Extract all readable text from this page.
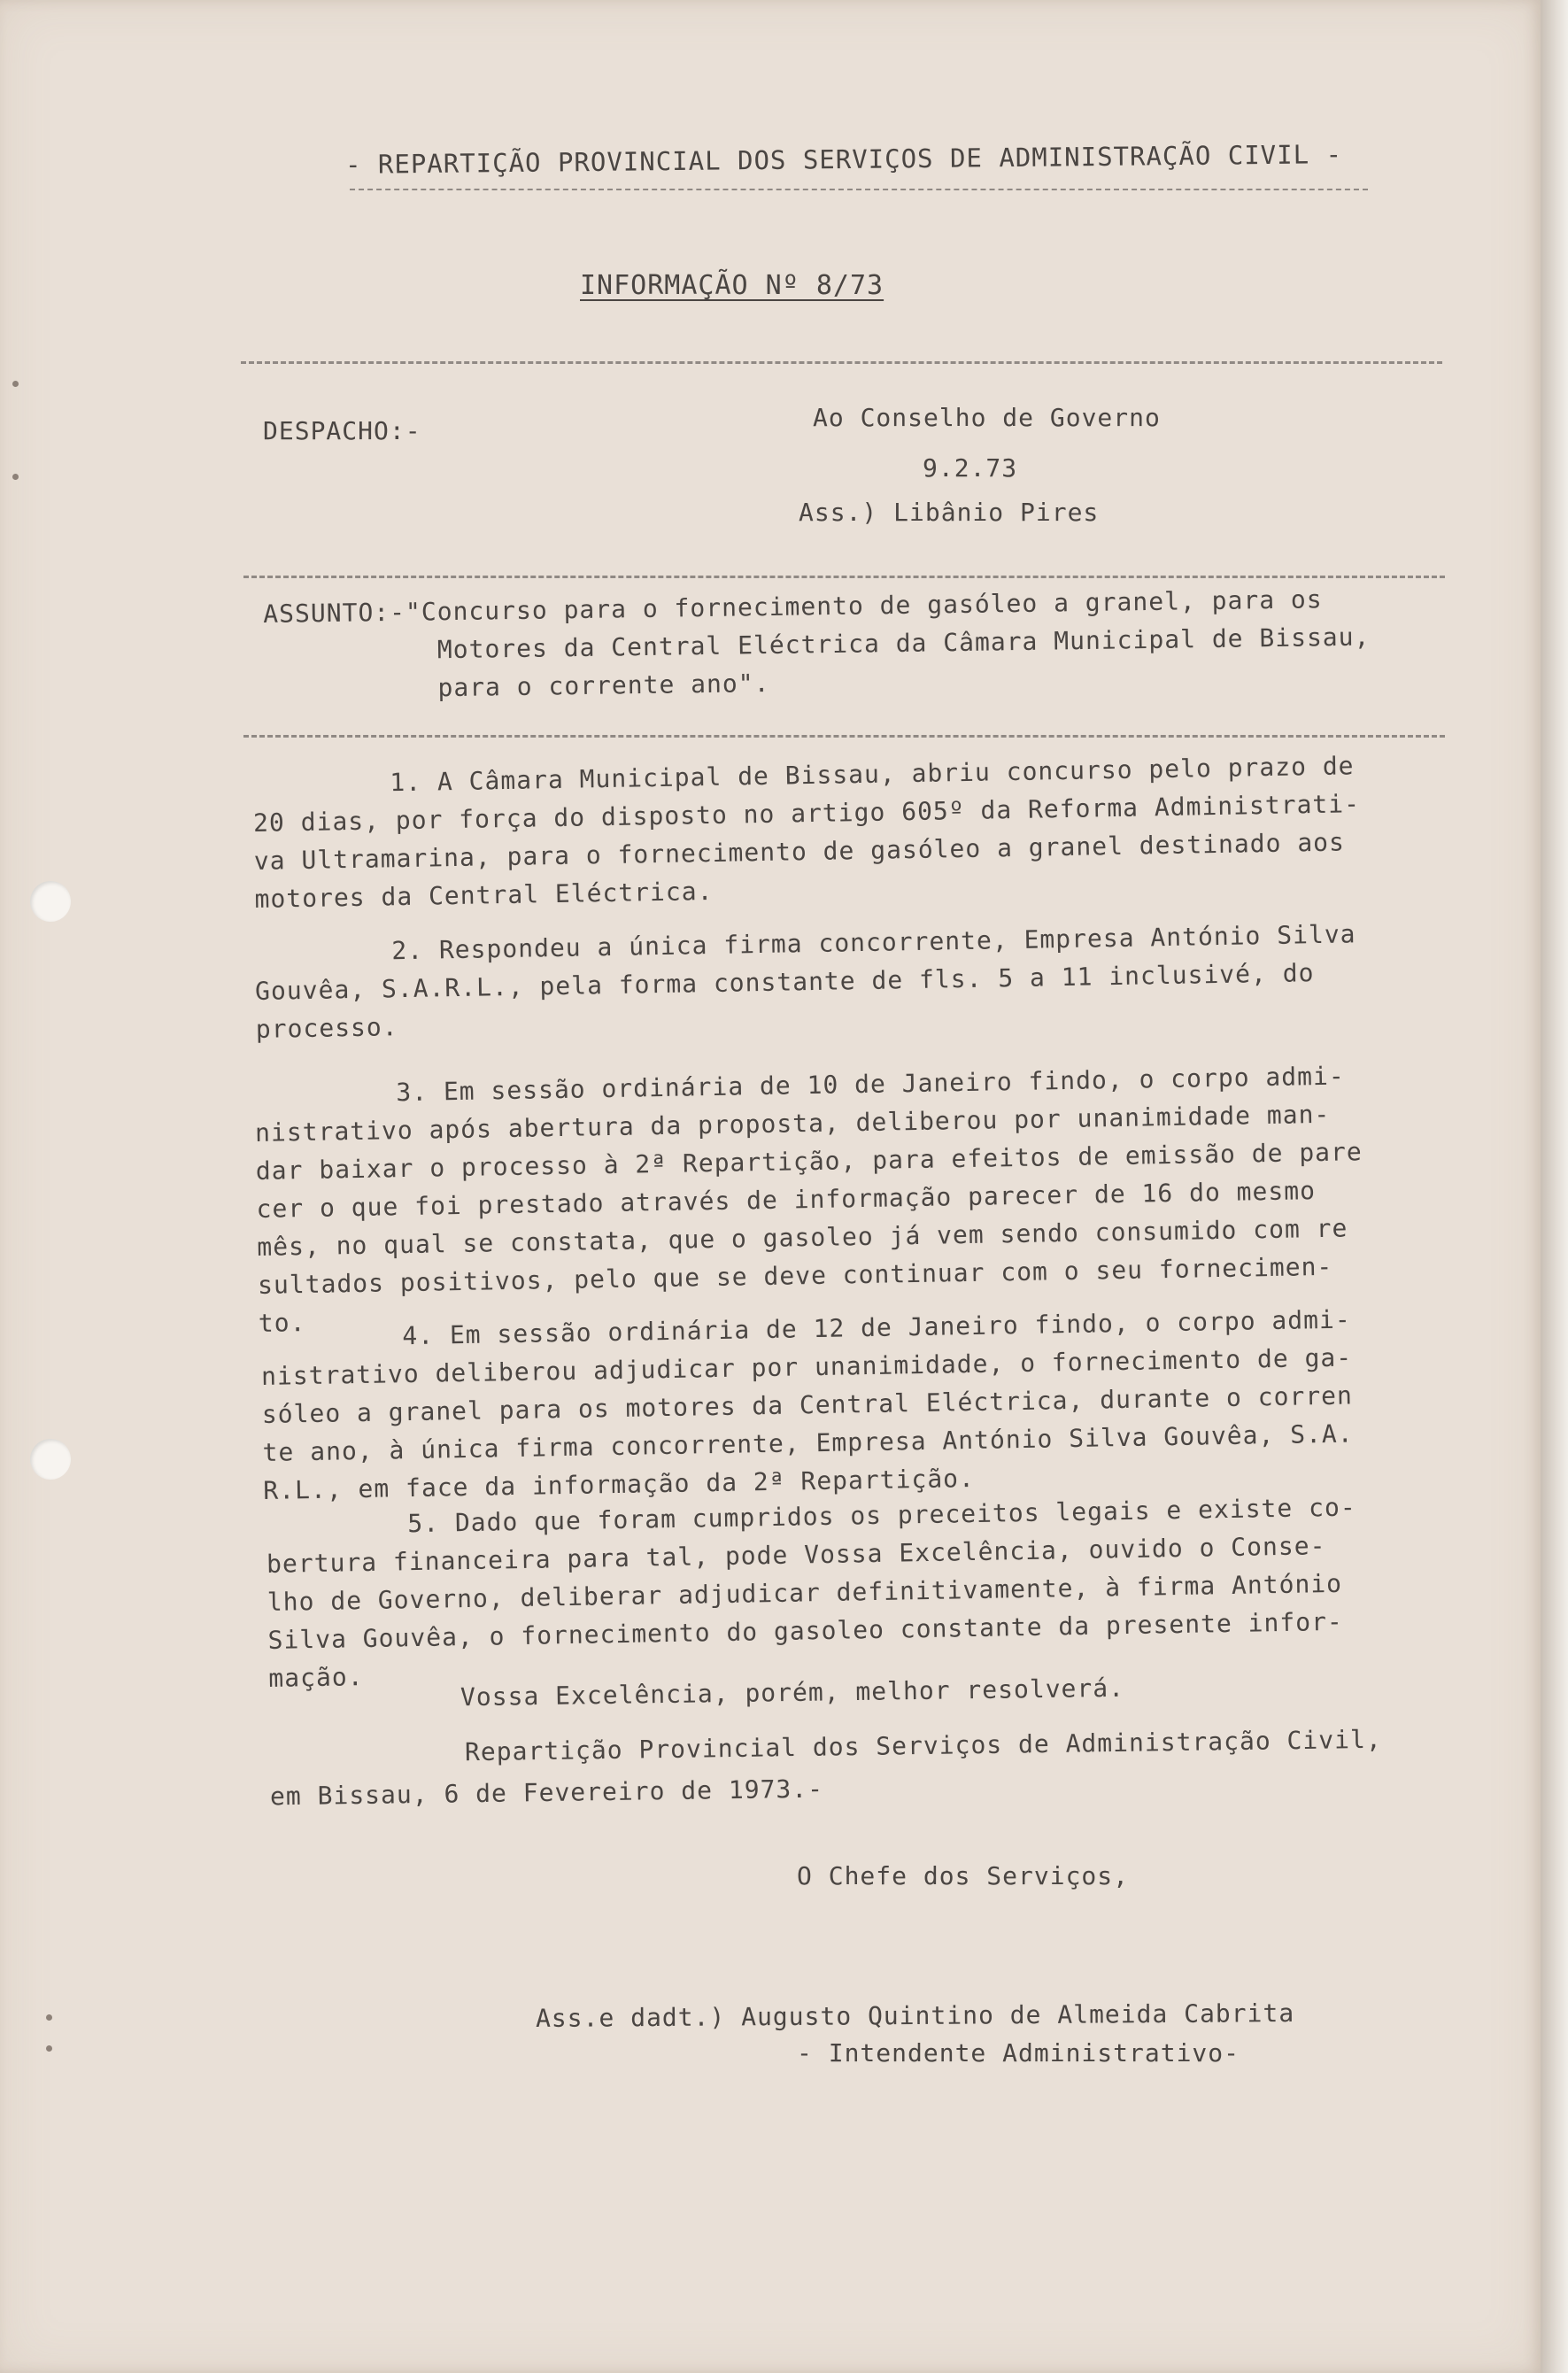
- REPARTIÇÃO PROVINCIAL DOS SERVIÇOS DE ADMINISTRAÇÃO CIVIL -
INFORMAÇÃO Nº 8/73
DESPACHO:-	Ao Conselho de Governo
9.2.73
Ass.) Libânio Pires
ASSUNTO:-"Concurso para o fornecimento de gasóleo a granel, para os
Motores da Central Eléctrica da Câmara Municipal de Bissau,
para o corrente ano".
1. A Câmara Municipal de Bissau, abriu concurso pelo prazo de
20 dias, por força do disposto no artigo 605º da Reforma Administrati-
va Ultramarina, para o fornecimento de gasóleo a granel destinado aos
motores da Central Eléctrica.
2. Respondeu a única firma concorrente, Empresa António Silva
Gouvêa, S.A.R.L., pela forma constante de fls. 5 a 11 inclusivé, do
processo.
3. Em sessão ordinária de 10 de Janeiro findo, o corpo admi-
nistrativo após abertura da proposta, deliberou por unanimidade man-
dar baixar o processo à 2ª Repartição, para efeitos de emissão de pare
cer o que foi prestado através de informação parecer de 16 do mesmo
mês, no qual se constata, que o gasoleo já vem sendo consumido com re
sultados positivos, pelo que se deve continuar com o seu fornecimen-
to.	4. Em sessão ordinária de 12 de Janeiro findo, o corpo admi-
nistrativo deliberou adjudicar por unanimidade, o fornecimento de ga-
sóleo a granel para os motores da Central Eléctrica, durante o corren
te ano, à única firma concorrente, Empresa António Silva Gouvêa, S.A.
R.L., em face da informação da 2ª Repartição.
5. Dado que foram cumpridos os preceitos legais e existe co-
bertura financeira para tal, pode Vossa Excelência, ouvido o Conse-
lho de Governo, deliberar adjudicar definitivamente, à firma António
Silva Gouvêa, o fornecimento do gasoleo constante da presente infor-
mação.	Vossa Excelência, porém, melhor resolverá.
Repartição Provincial dos Serviços de Administração Civil,
em Bissau, 6 de Fevereiro de 1973.-
O Chefe dos Serviços,
Ass.e dadt.) Augusto Quintino de Almeida Cabrita
- Intendente Administrativo-
